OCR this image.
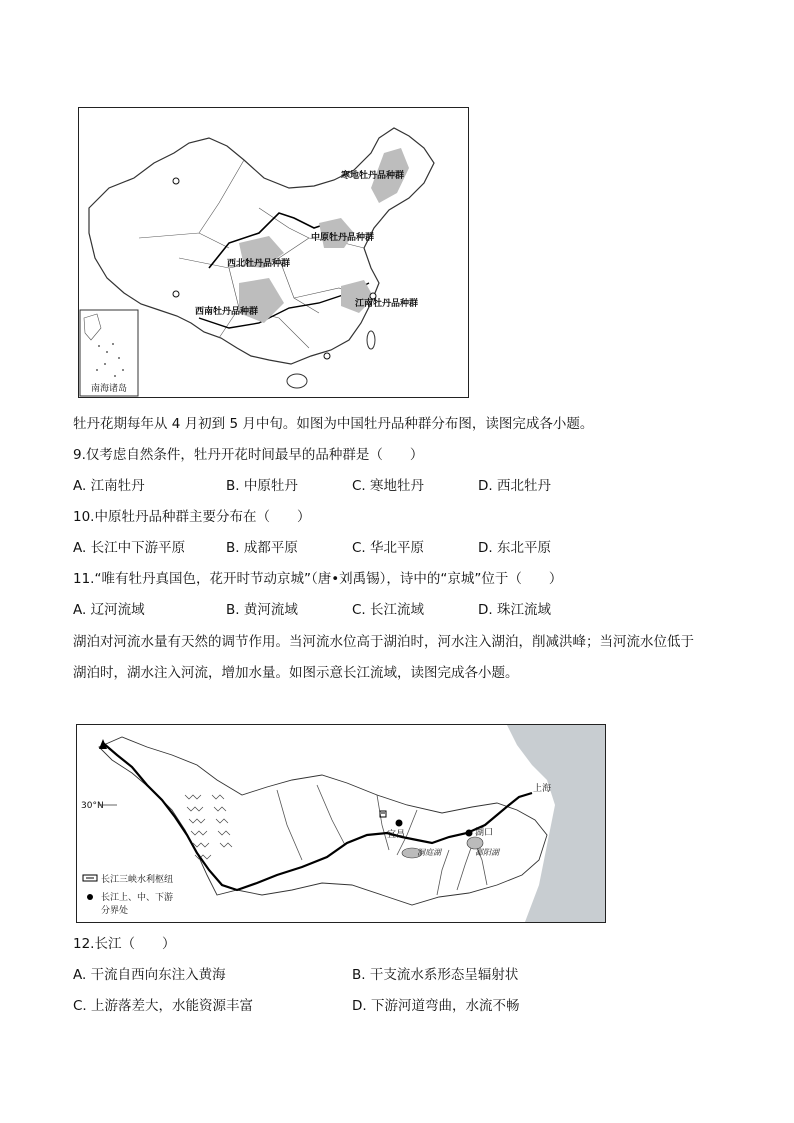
寒地牡丹品种群
中原牡丹品种群
西北牡丹品种群
江南牡丹品种群
西南牡丹品种群
南海诸岛
牡丹花期每年从 4 月初到 5 月中旬。如图为中国牡丹品种群分布图，读图完成各小题。
9.仅考虑自然条件，牡丹开花时间最早的品种群是（　　）
A. 江南牡丹	B. 中原牡丹	C. 寒地牡丹	D. 西北牡丹
10.中原牡丹品种群主要分布在（　　）
A. 长江中下游平原	B. 成都平原	C. 华北平原	D. 东北平原
11.“唯有牡丹真国色，花开时节动京城”（唐•刘禹锡），诗中的“京城”位于（　　）
A. 辽河流域	B. 黄河流域	C. 长江流域	D. 珠江流域
湖泊对河流水量有天然的调节作用。当河流水位高于湖泊时，河水注入湖泊，削减洪峰；当河流水位低于
湖泊时，湖水注入河流，增加水量。如图示意长江流域，读图完成各小题。
30°N
洞庭湖	鄱阳湖
宜昌	湖口
上海
长江三峡水利枢纽
长江上、中、下游
分界处
12.长江（　　）
A. 干流自西向东注入黄海	B. 干支流水系形态呈辐射状
C. 上游落差大，水能资源丰富	D. 下游河道弯曲，水流不畅
